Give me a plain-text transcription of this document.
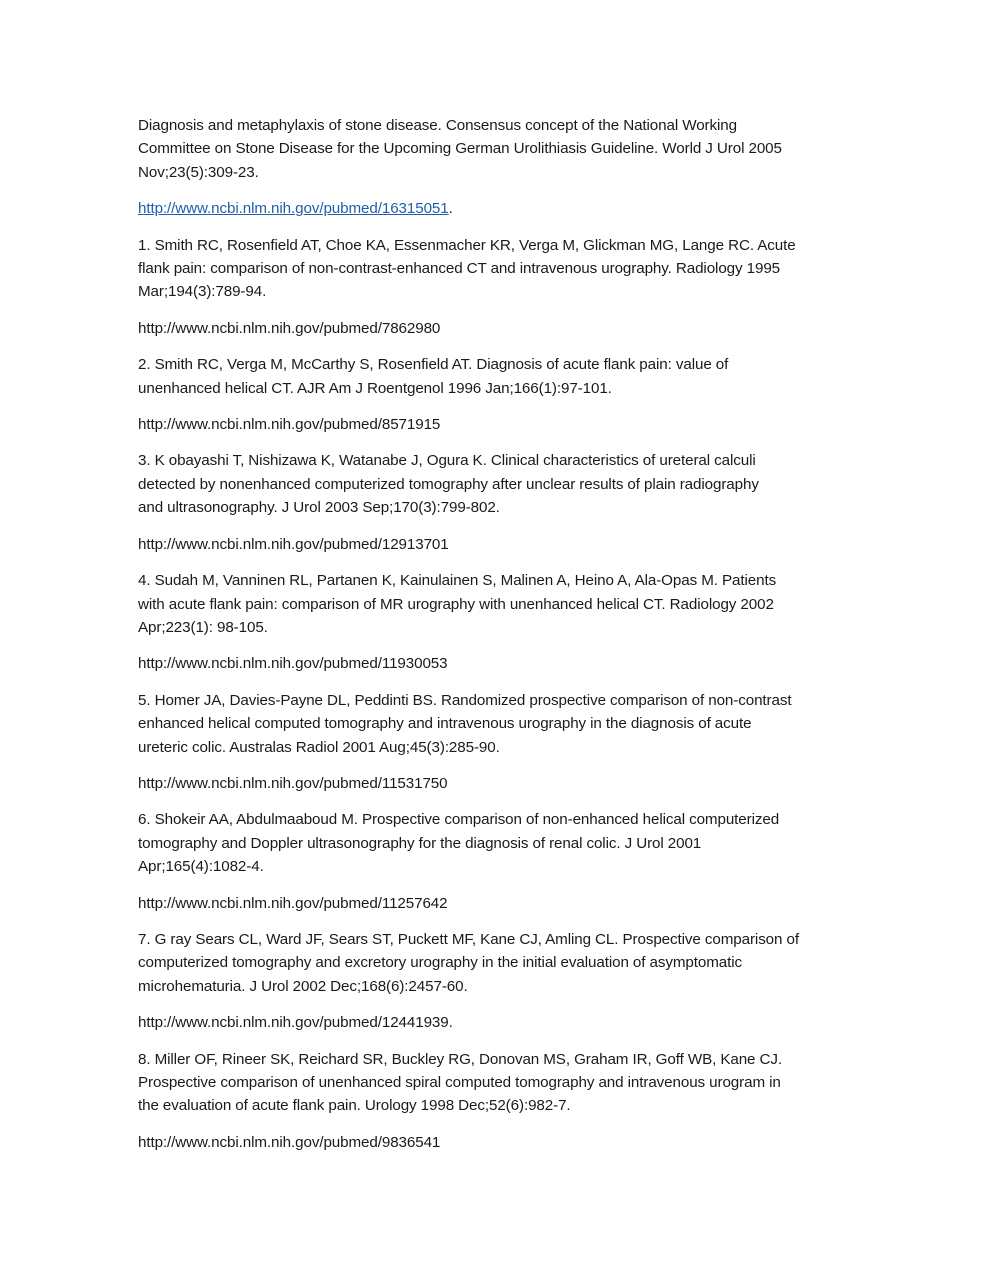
Diagnosis and metaphylaxis of stone disease. Consensus concept of the National Working
Committee on Stone Disease for the Upcoming German Urolithiasis Guideline. World J Urol 2005
Nov;23(5):309-23.

http://www.ncbi.nlm.nih.gov/pubmed/16315051.

1. Smith RC, Rosenfield AT, Choe KA, Essenmacher KR, Verga M, Glickman MG, Lange RC. Acute
flank pain: comparison of non-contrast-enhanced CT and intravenous urography. Radiology 1995
Mar;194(3):789-94.

http://www.ncbi.nlm.nih.gov/pubmed/7862980

2. Smith RC, Verga M, McCarthy S, Rosenfield AT. Diagnosis of acute flank pain: value of
unenhanced helical CT. AJR Am J Roentgenol 1996 Jan;166(1):97-101.

http://www.ncbi.nlm.nih.gov/pubmed/8571915

3. K obayashi T, Nishizawa K, Watanabe J, Ogura K. Clinical characteristics of ureteral calculi
detected by nonenhanced computerized tomography after unclear results of plain radiography
and ultrasonography. J Urol 2003 Sep;170(3):799-802.

http://www.ncbi.nlm.nih.gov/pubmed/12913701

4. Sudah M, Vanninen RL, Partanen K, Kainulainen S, Malinen A, Heino A, Ala-Opas M. Patients
with acute flank pain: comparison of MR urography with unenhanced helical CT. Radiology 2002
Apr;223(1): 98-105.

http://www.ncbi.nlm.nih.gov/pubmed/11930053

5. Homer JA, Davies-Payne DL, Peddinti BS. Randomized prospective comparison of non-contrast
enhanced helical computed tomography and intravenous urography in the diagnosis of acute
ureteric colic. Australas Radiol 2001 Aug;45(3):285-90.

http://www.ncbi.nlm.nih.gov/pubmed/11531750

6. Shokeir AA, Abdulmaaboud M. Prospective comparison of non-enhanced helical computerized
tomography and Doppler ultrasonography for the diagnosis of renal colic. J Urol 2001
Apr;165(4):1082-4.

http://www.ncbi.nlm.nih.gov/pubmed/11257642

7. G ray Sears CL, Ward JF, Sears ST, Puckett MF, Kane CJ, Amling CL. Prospective comparison of
computerized tomography and excretory urography in the initial evaluation of asymptomatic
microhematuria. J Urol 2002 Dec;168(6):2457-60.

http://www.ncbi.nlm.nih.gov/pubmed/12441939.

8. Miller OF, Rineer SK, Reichard SR, Buckley RG, Donovan MS, Graham IR, Goff WB, Kane CJ.
Prospective comparison of unenhanced spiral computed tomography and intravenous urogram in
the evaluation of acute flank pain. Urology 1998 Dec;52(6):982-7.

http://www.ncbi.nlm.nih.gov/pubmed/9836541
